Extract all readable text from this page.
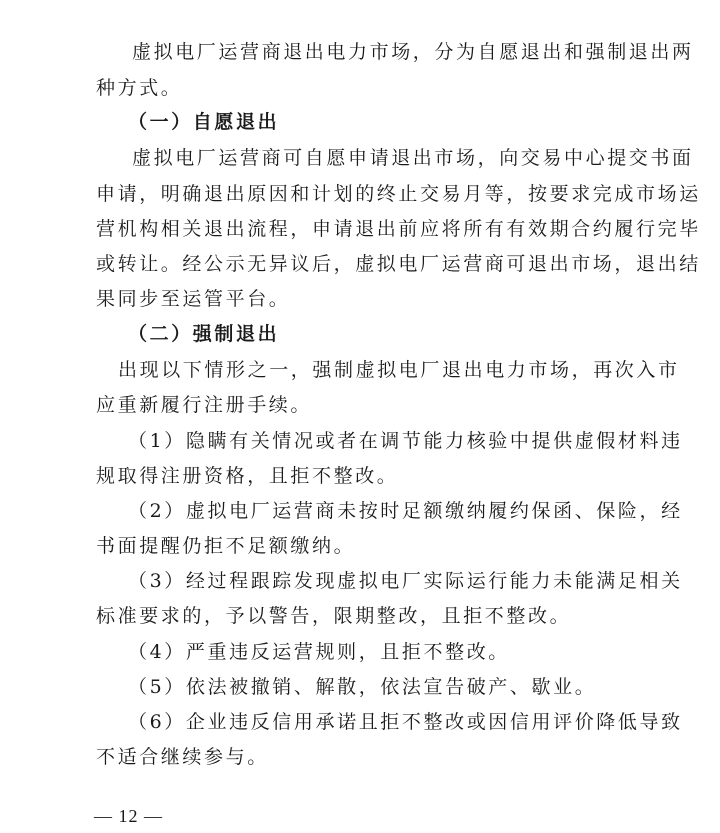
虚拟电厂运营商退出电力市场，分为自愿退出和强制退出两
种方式。
（一）自愿退出
虚拟电厂运营商可自愿申请退出市场，向交易中心提交书面
申请，明确退出原因和计划的终止交易月等，按要求完成市场运
营机构相关退出流程，申请退出前应将所有有效期合约履行完毕
或转让。经公示无异议后，虚拟电厂运营商可退出市场，退出结
果同步至运管平台。
（二）强制退出
出现以下情形之一，强制虚拟电厂退出电力市场，再次入市
应重新履行注册手续。
（1）隐瞒有关情况或者在调节能力核验中提供虚假材料违
规取得注册资格，且拒不整改。
（2）虚拟电厂运营商未按时足额缴纳履约保函、保险，经
书面提醒仍拒不足额缴纳。
（3）经过程跟踪发现虚拟电厂实际运行能力未能满足相关
标准要求的，予以警告，限期整改，且拒不整改。
（4）严重违反运营规则，且拒不整改。
（5）依法被撤销、解散，依法宣告破产、歇业。
（6）企业违反信用承诺且拒不整改或因信用评价降低导致
不适合继续参与。
— 12 —
